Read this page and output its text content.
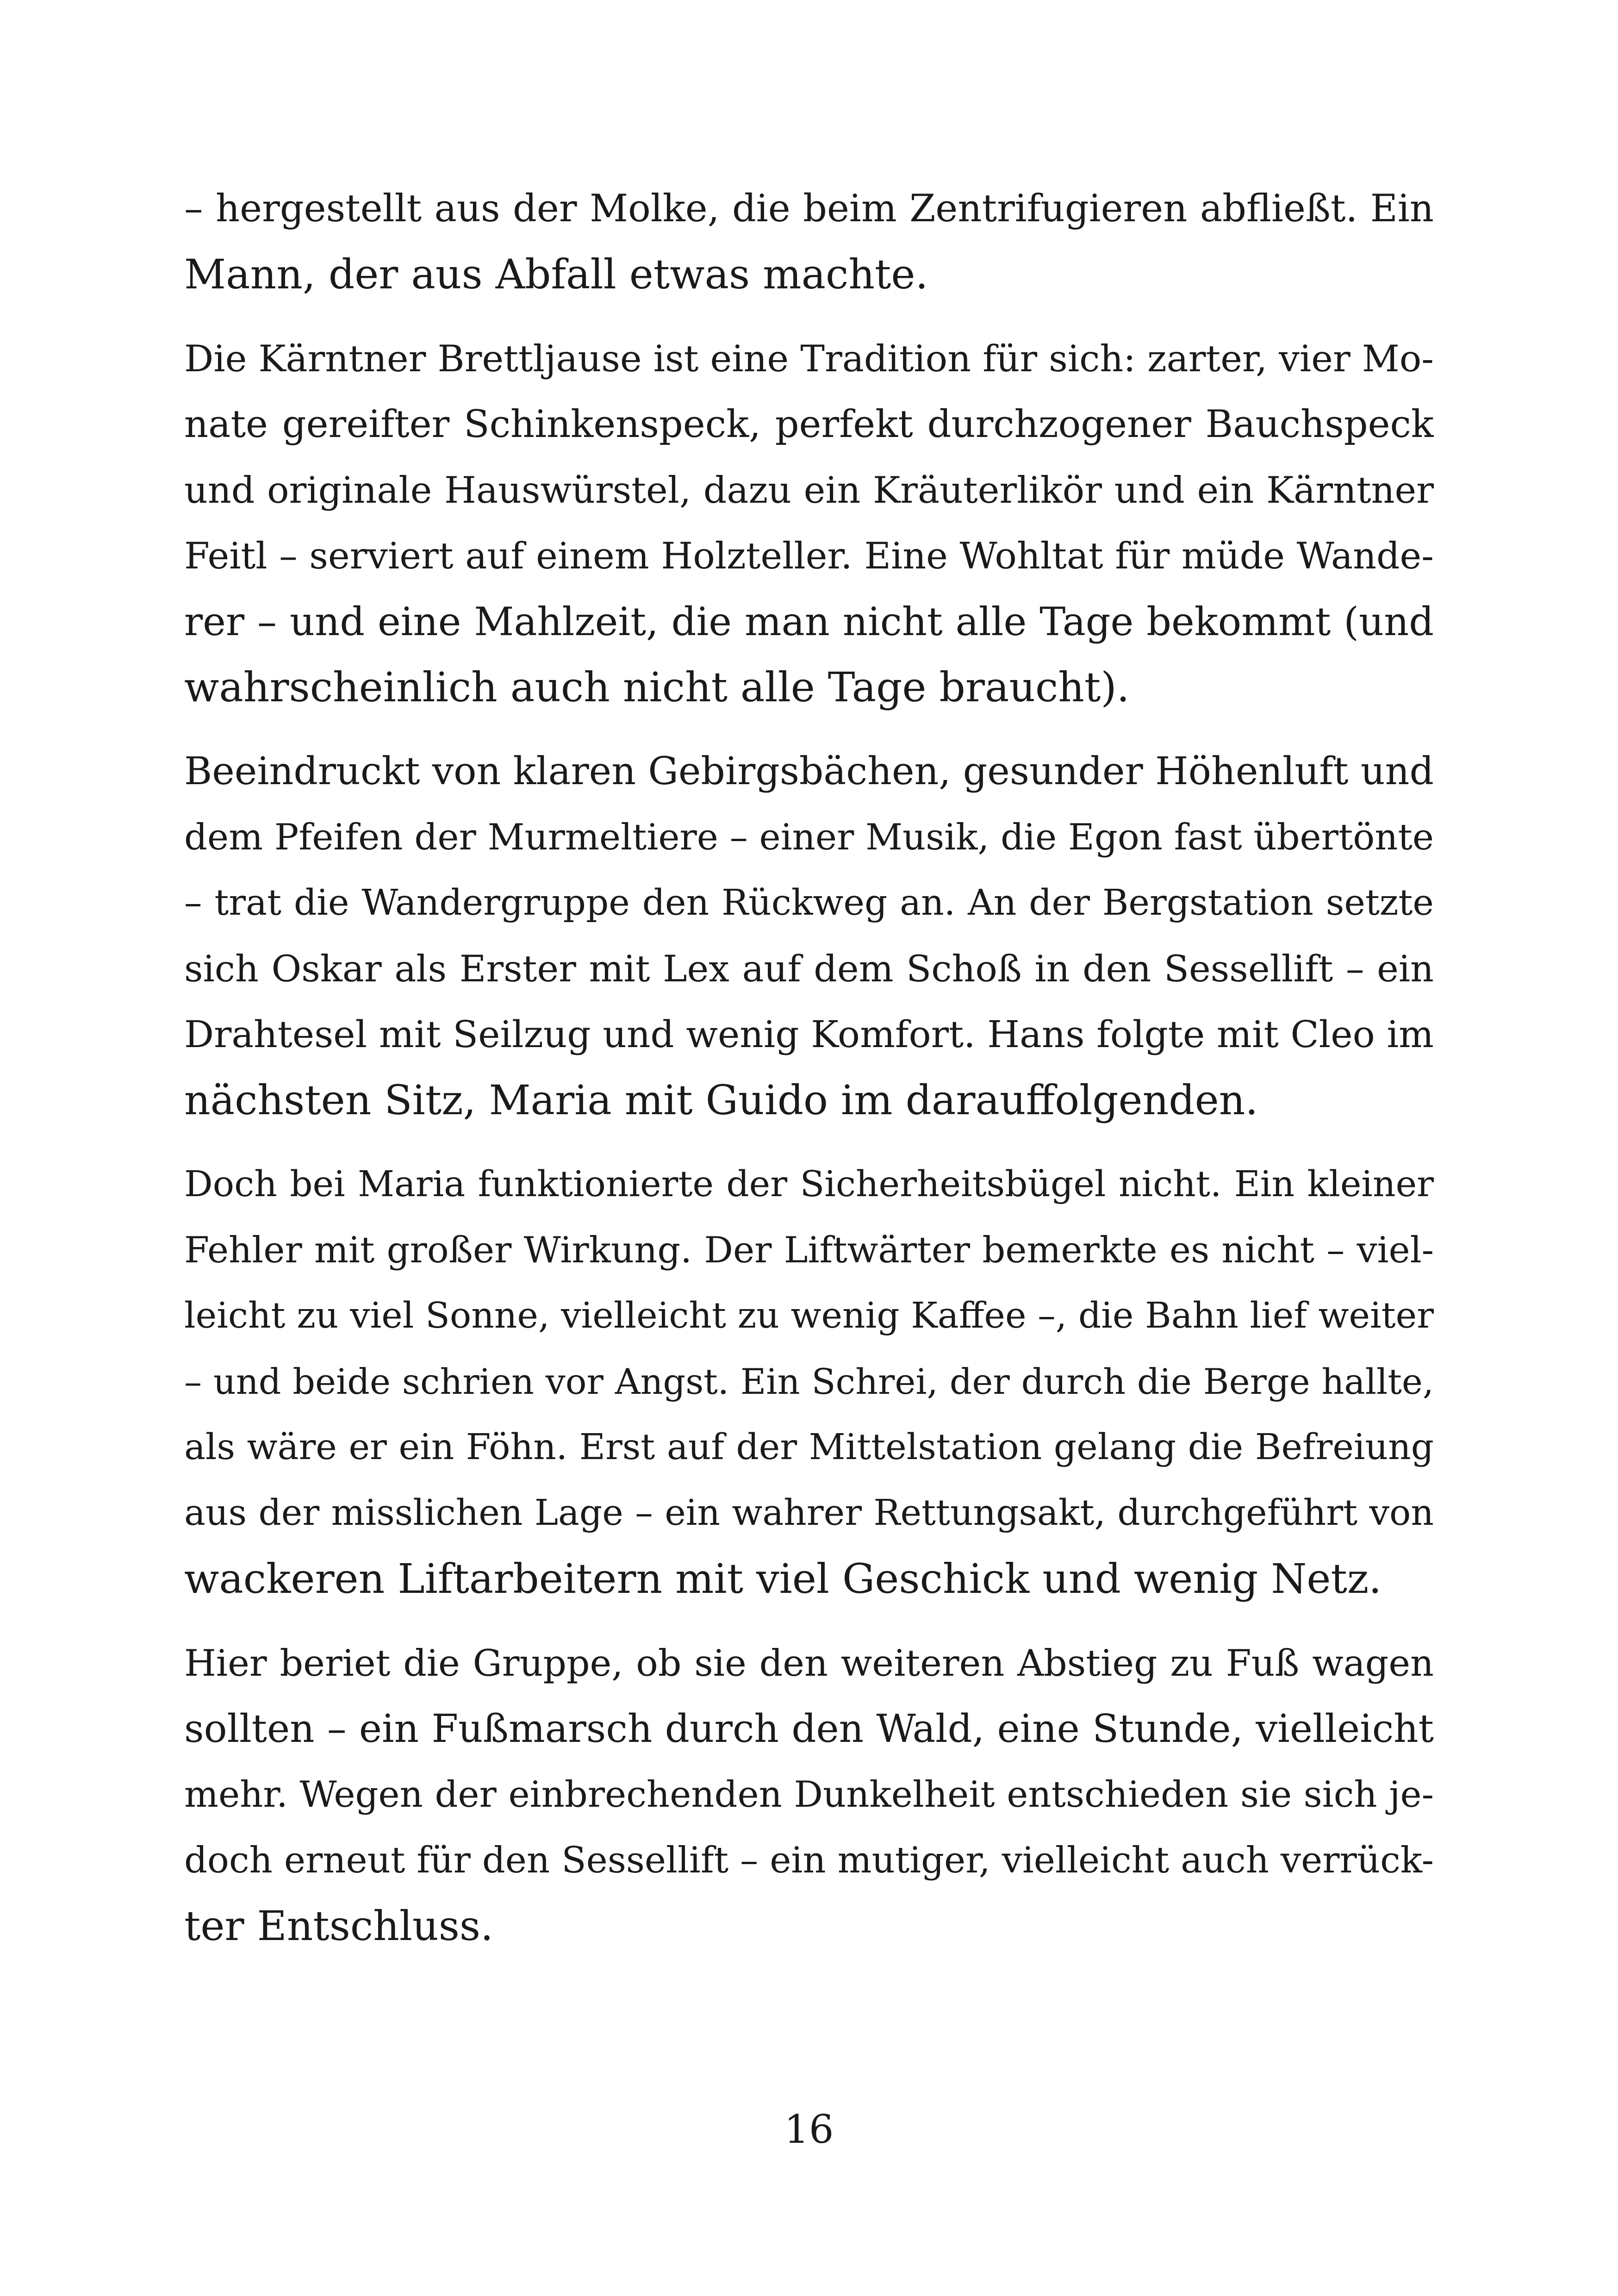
– hergestellt aus der Molke, die beim Zentrifugieren abfließt. Ein
Mann, der aus Abfall etwas machte.

Die Kärntner Brettljause ist eine Tradition für sich: zarter, vier Mo-
nate gereifter Schinkenspeck, perfekt durchzogener Bauchspeck
und originale Hauswürstel, dazu ein Kräuterlikör und ein Kärntner
Feitl – serviert auf einem Holzteller. Eine Wohltat für müde Wande-
rer – und eine Mahlzeit, die man nicht alle Tage bekommt (und
wahrscheinlich auch nicht alle Tage braucht).

Beeindruckt von klaren Gebirgsbächen, gesunder Höhenluft und
dem Pfeifen der Murmeltiere – einer Musik, die Egon fast übertönte
– trat die Wandergruppe den Rückweg an. An der Bergstation setzte
sich Oskar als Erster mit Lex auf dem Schoß in den Sessellift – ein
Drahtesel mit Seilzug und wenig Komfort. Hans folgte mit Cleo im
nächsten Sitz, Maria mit Guido im darauffolgenden.

Doch bei Maria funktionierte der Sicherheitsbügel nicht. Ein kleiner
Fehler mit großer Wirkung. Der Liftwärter bemerkte es nicht – viel-
leicht zu viel Sonne, vielleicht zu wenig Kaffee –, die Bahn lief weiter
– und beide schrien vor Angst. Ein Schrei, der durch die Berge hallte,
als wäre er ein Föhn. Erst auf der Mittelstation gelang die Befreiung
aus der misslichen Lage – ein wahrer Rettungsakt, durchgeführt von
wackeren Liftarbeitern mit viel Geschick und wenig Netz.

Hier beriet die Gruppe, ob sie den weiteren Abstieg zu Fuß wagen
sollten – ein Fußmarsch durch den Wald, eine Stunde, vielleicht
mehr. Wegen der einbrechenden Dunkelheit entschieden sie sich je-
doch erneut für den Sessellift – ein mutiger, vielleicht auch verrück-
ter Entschluss.

16
